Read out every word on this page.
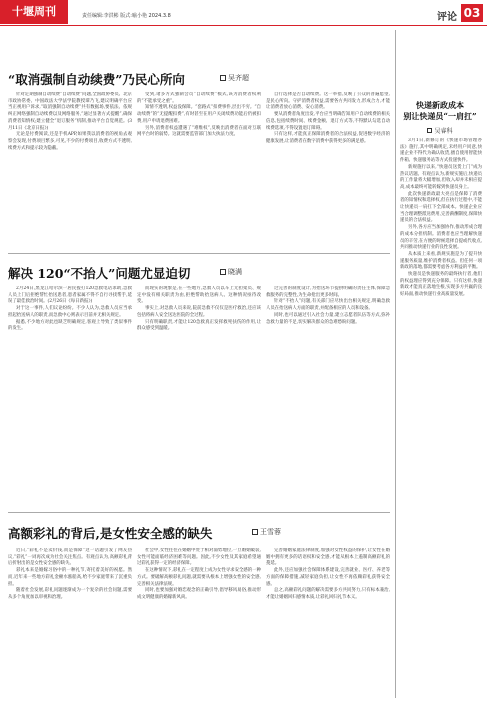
十堰周刊	责任编辑:李洪彬 版式:喻小艳 2024.3.8	评论 03
“取消强制自动续费”乃民心所向	吴齐超

针对定期强制自动续费“自动续费”问题,全国政协委员、北京市政协常委、中国政法大学法学院教授谭乃飞,建议明确平台应当正视用户诉求,“取消强制自动续费”共有数据场,要依法、依规纠正网络强制自动续费以及网络服务,“通过显著方式提醒”,确保消费者知情权;建立健全“退订服务”机制,推动平台自觉规范。(3月11日《北京日报》)

无论是付费阅读,还是手机APP,如果我以消费者的视角去观察会发现,付费项目繁多,可见,不少的付费项目,收费方式不透明,续费方式和提示较为隐蔽。

受到,诸多方式强制会员“自动续费”模式,该为消费者权利的“不能承受之重”。

知情不透明,权益没保障。“套路式”扣费事件,层出不穷。“自动续费”的“无提醒扣费”,有时甚至在用户关闭续费功能后仍被扣费,用户申请退费困难。

另外,消费者权益遭遇了“难维权”,反映出消费者在面对互联网平台时的弱势。这就需要监管部门加大执法力度。

自行选择是否自动续费。这一举措,反映了公众的普遍愿望,是民心所向。守护消费者权益,需要各方共同发力,形成合力,才能让消费者放心消费、安心消费。

要从消费者角度出发,平台应当明确告知用户自动续费的相关信息,包括续费时间、续费金额、退订方式等,不得默认勾选自动续费选项,不得设置退订障碍。

只有这样,才能真正保障消费者的合法权益,促进数字经济的健康发展,让消费者在数字消费中获得更多的满足感。

解决 120“不抬人”问题尤显迫切	晓满

2月24日,黑龙江哈尔滨一居民拨打120急救电话求助,急救人员上门后拒绝帮忙抬送患者,患者家属不得不自行寻找帮手,延误了最佳救治时间。(2月26日《每日新报》)

对于这一事件,人们议论纷纷。不少人认为,急救人员应当承担起抬送病人的职责,而急救中心则表示目前并无相关规定。

据悉,不少地方对此也缺乏明确规定,客观上导致了类似事件的发生。

而现实的现象是,在一些地方,急救人员以车上无担架员、规定中没有相关职责为由,拒绝帮助抬送病人。这种情况亟待改变。

事实上,对急救人员来说,院前急救不仅仅是医疗救治,还应该包括将病人安全送达医院的全过程。

只有明确职责,才能让120急救真正发挥救死扶伤的作用,让群众感受到温暖。

过完善的制度设计,为抬送环节提供明确的责任主体,保障急救服务的完整性,为生命抢出更多时间。

针对“不抬人”问题,有关部门应尽快出台相关规定,明确急救人员在抬送病人方面的职责,并配备相应的人员和设备。

同时,也可以通过引入社会力量,建立志愿者队伍等方式,弥补急救力量的不足,切实解决群众的急难愁盼问题。

高额彩礼的背后,是女性安全感的缺失	王雪蓉

近日,“彩礼不是卖价钱,而是保障”这一话题引发了网友热议,“彩礼”一词再次成为社会关注焦点。有观点认为,高额彩礼背后折射出的是女性安全感的缺失。

彩礼本来是婚嫁习俗中的一种礼节,寄托着美好的祝愿。然而,近年来一些地方彩礼金额水涨船高,给不少家庭带来了沉重负担。

随着社会发展,彩礼问题逐渐成为一个复杂的社会问题,需要从多个角度加以审视和治理。

社会中,女性往往在婚姻中处于相对弱势地位,一旦婚姻破裂,女性可能面临经济困难等问题。因此,不少女性及其家庭希望通过彩礼获得一定的经济保障。

在这种情况下,彩礼在一定程度上成为女性寻求安全感的一种方式。要破解高额彩礼问题,就需要从根本上增强女性的安全感,完善相关法律法规。

同时,也要加强对婚恋观念的正确引导,倡导移风易俗,推动形成文明健康的婚嫁新风尚。

完善婚姻家庭法律制度,加强对女性权益的保护,让女性在婚姻中拥有更多的话语权和安全感,才能从根本上遏制高额彩礼的蔓延。

此外,还应加强社会保障体系建设,完善就业、医疗、养老等方面的保障措施,减轻家庭负担,让女性不再依赖彩礼获得安全感。

总之,高额彩礼问题的解决需要多方共同努力,只有标本兼治,才能让婚姻回归感情本质,让彩礼回归礼节本义。

快递新政成本
别让快递员“一肩扛”
吴睿科

3月1日,新修订的《快递市场管理办法》施行,其中明确规定,未经用户同意,快递企业不得代为确认收货,擅自使用智能快件箱、快递服务站等方式投递快件。

新规施行以来,“快递员送货上门”成为热议话题。有观点认为,新规实施后,快递员的工作量将大幅增加,但收入却并未相应提高,成本最终可能转嫁到快递员身上。

此次快递新政最大亮点是保障了消费者的知情权和选择权,但在执行过程中,不能让快递员一肩扛下全部成本。快递企业应当合理调整派送费用,完善薪酬制度,保障快递员的合法权益。

另外,各方应当加强协作,推动形成合理的成本分担机制。消费者也应当理解快递员的辛劳,在方便的时候选择自提或代收点,共同推动快递行业的良性发展。

从本质上来看,新规实施是为了提升快递服务质量,维护消费者权益。但任何一项新政的落地,都需要考虑各方利益的平衡。

快递员是快递服务的最终执行者,他们的权益理应得到充分保障。只有这样,快递新政才能真正落地生根,实现多方共赢的良好局面,推动快递行业高质量发展。
